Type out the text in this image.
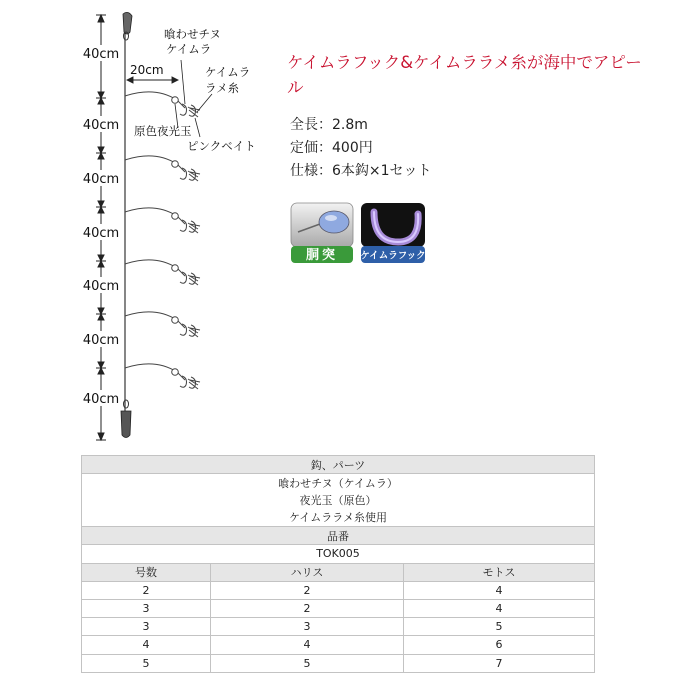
40cm
40cm
40cm
40cm
40cm
40cm
40cm
20cm
喰わせチヌ
ケイムラ
ケイムラ
ラメ糸
原色夜光玉
ピンクベイト

ケイムラフック&ケイムララメ糸が海中でアピール

全長：2.8m
定価：400円
仕様：6本鈎×1セット
胴突 ケイムラフック
鈎、パーツ		

喰わせチヌ（ケイムラ）
夜光玉（原色）
ケイムララメ糸使用		

品番		
TOK005		
号数	ハリス	モトス
2	2	4
3	2	4
3	3	5
4	4	6
5	5	7
